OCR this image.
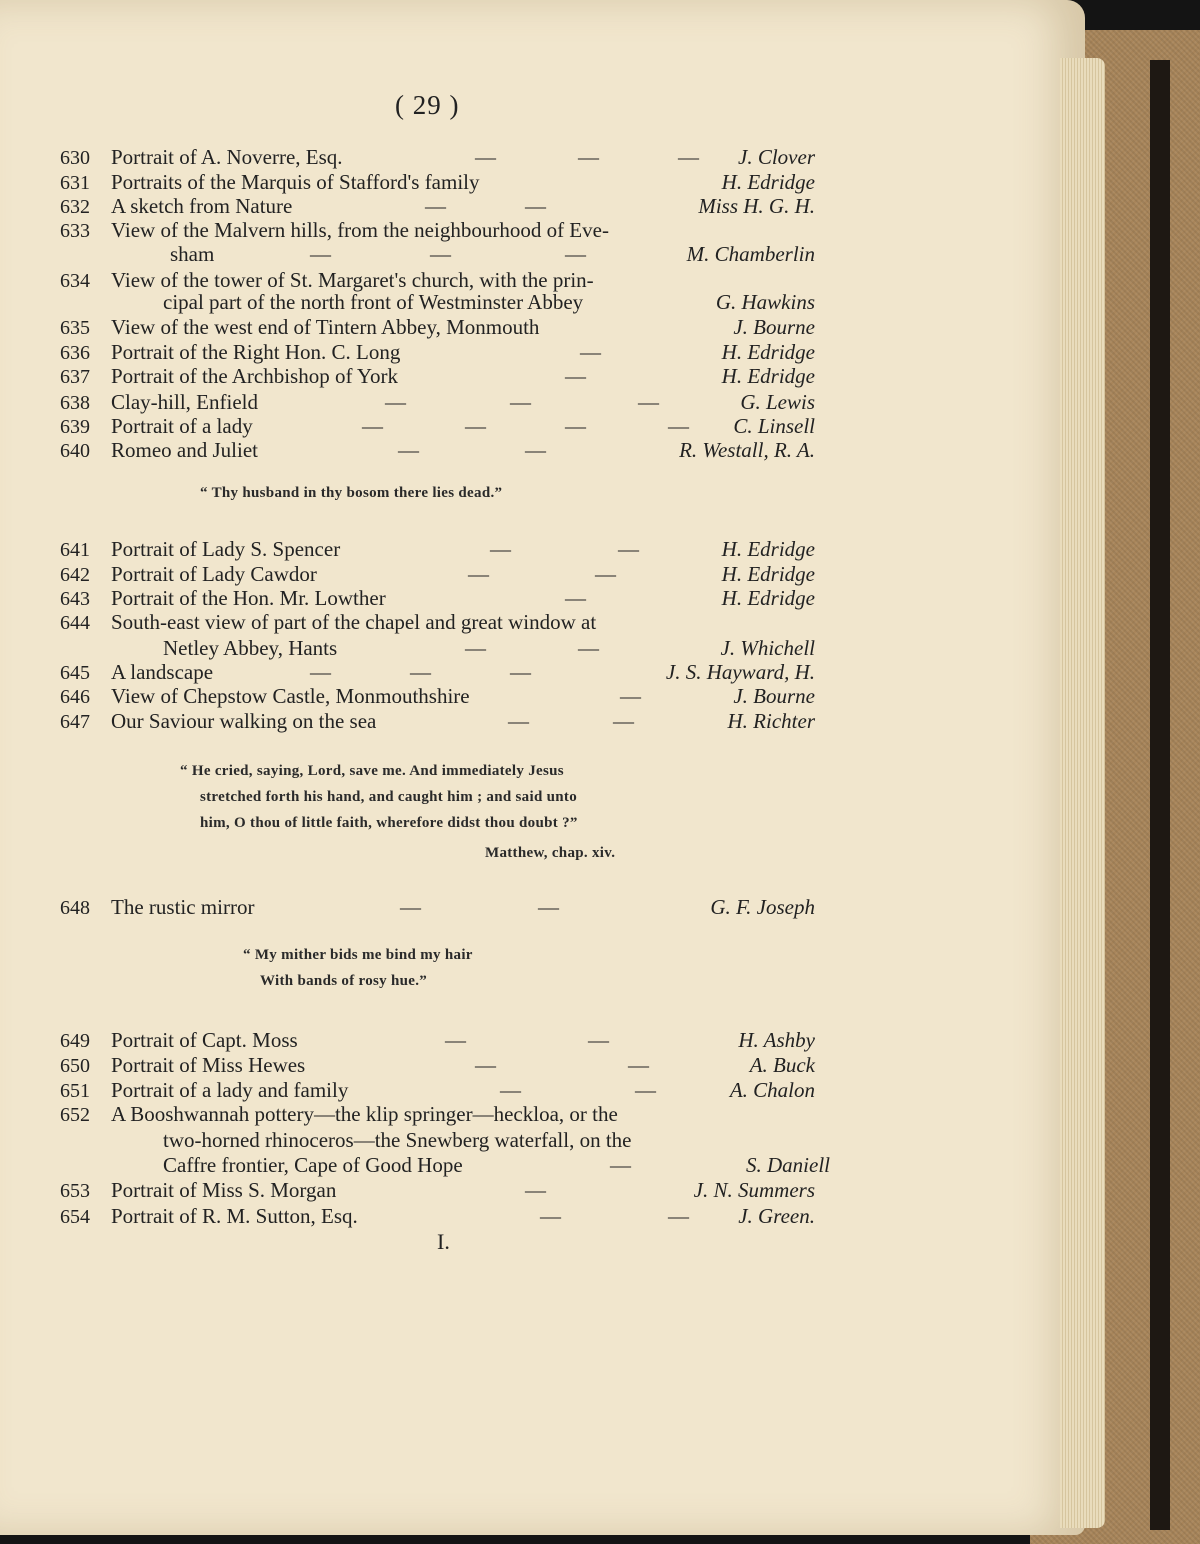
( 29 )
630 Portrait of A. Noverre, Esq.	—	—	— J. Clover
631 Portraits of the Marquis of Stafford's family	H. Edridge
632 A sketch from Nature	—	—	Miss H. G. H.
633 View of the Malvern hills, from the neighbourhood of Eve-
sham	—	—	—	M. Chamberlin
634 View of the tower of St. Margaret's church, with the prin-
cipal part of the north front of Westminster Abbey	G. Hawkins
635 View of the west end of Tintern Abbey, Monmouth	J. Bourne
636 Portrait of the Right Hon. C. Long	—	H. Edridge
637 Portrait of the Archbishop of York	—	H. Edridge
638 Clay-hill, Enfield	—	—	—	G. Lewis
639 Portrait of a lady	—	—	—	— C. Linsell
640 Romeo and Juliet	—	—	R. Westall, R. A.
“ Thy husband in thy bosom there lies dead.”
641 Portrait of Lady S. Spencer	—	—	H. Edridge
642 Portrait of Lady Cawdor	—	—	H. Edridge
643 Portrait of the Hon. Mr. Lowther	—	H. Edridge
644 South-east view of part of the chapel and great window at
Netley Abbey, Hants	—	—	J. Whichell
645 A landscape	—	—	—	J. S. Hayward, H.
646 View of Chepstow Castle, Monmouthshire	—	J. Bourne
647 Our Saviour walking on the sea	—	—	H. Richter
“ He cried, saying, Lord, save me. And immediately Jesus
stretched forth his hand, and caught him ; and said unto
him, O thou of little faith, wherefore didst thou doubt ?”
Matthew, chap. xiv.
648 The rustic mirror	—	—	G. F. Joseph
“ My mither bids me bind my hair
With bands of rosy hue.”
649 Portrait of Capt. Moss	—	—	H. Ashby
650 Portrait of Miss Hewes	—	—	A. Buck
651 Portrait of a lady and family	—	—	A. Chalon
652 A Booshwannah pottery—the klip springer—heckloa, or the
two-horned rhinoceros—the Snewberg waterfall, on the
Caffre frontier, Cape of Good Hope	—	S. Daniell
653 Portrait of Miss S. Morgan	—	J. N. Summers
654 Portrait of R. M. Sutton, Esq.	—	— J. Green.
I.
